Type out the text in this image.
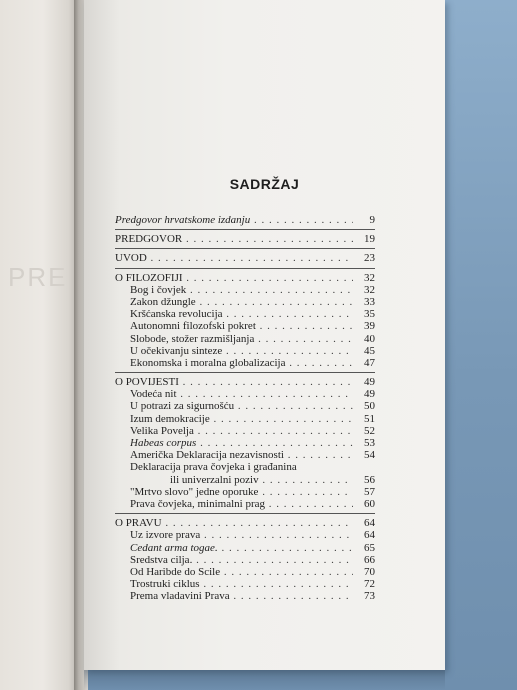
PRE
SADRŽAJ
Predgovor hrvatskome izdanju . . .	9
PREDGOVOR . . .	19
UVOD . . .	23
O FILOZOFIJI . . .	32
Bog i čovjek . . .	32
Zakon džungle . . .	33
Kršćanska revolucija . . .	35
Autonomni filozofski pokret . . .	39
Slobode, stožer razmišljanja . . .	40
U očekivanju sinteze . . .	45
Ekonomska i moralna globalizacija . . .	47
O POVIJESTI . . .	49
Vodeća nit . . .	49
U potrazi za sigurnošću . . .	50
Izum demokracije . . .	51
Velika Povelja . . .	52
Habeas corpus . . .	53
Američka Deklaracija nezavisnosti . . .	54
Deklaracija prava čovjeka i građanina
ili univerzalni poziv . . .	56
"Mrtvo slovo" jedne oporuke . . .	57
Prava čovjeka, minimalni prag . . .	60
O PRAVU . . .	64
Uz izvore prava . . .	64
Cedant arma togae. . . .	65
Sredstva cilja. . . .	66
Od Haribde do Scile . . .	70
Trostruki ciklus . . .	72
Prema vladavini Prava . . .	73
